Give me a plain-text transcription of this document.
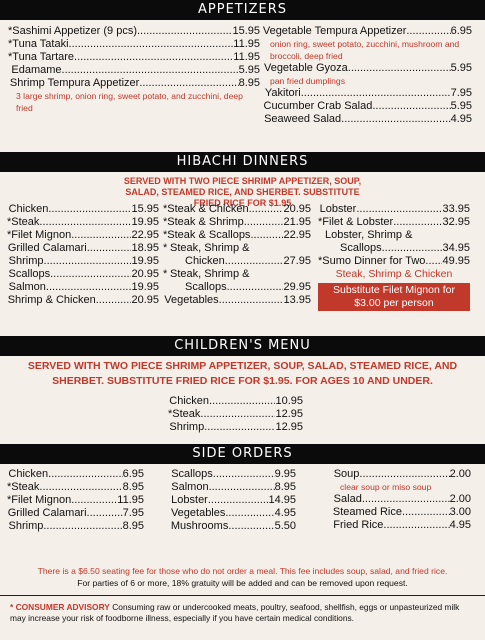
APPETIZERS
* Sashimi Appetizer (9 pcs) .....	15.95
* Tuna Tataki .....	11.95
* Tuna Tartare .....	11.95
Edamame .....	5.95
Shrimp Tempura Appetizer .....	8.95
3 large shrimp, onion ring, sweet potato, and zucchini, deep fried
Vegetable Tempura Appetizer .....	6.95
onion ring, sweet potato, zucchini, mushroom and broccoli, deep fried
Vegetable Gyoza .....	5.95
pan fried dumplings
Yakitori .....	7.95
Cucumber Crab Salad .....	5.95
Seaweed Salad .....	4.95
HIBACHI DINNERS
SERVED WITH TWO PIECE SHRIMP APPETIZER, SOUP, SALAD, STEAMED RICE, AND SHERBET. SUBSTITUTE FRIED RICE FOR $1.95
Chicken .....	15.95
* Steak .....	19.95
* Filet Mignon .....	22.95
Grilled Calamari .....	18.95
Shrimp .....	19.95
Scallops .....	20.95
Salmon .....	19.95
Shrimp & Chicken .....	20.95
* Steak & Chicken .....	20.95
* Steak & Shrimp .....	21.95
* Steak & Scallops .....	22.95
* Steak, Shrimp &
Chicken .....	27.95
* Steak, Shrimp &
Scallops .....	29.95
Vegetables .....	13.95
Lobster .....	33.95
* Filet & Lobster .....	32.95
Lobster, Shrimp &
Scallops .....	34.95
* Sumo Dinner for Two ..... 49.95
Steak, Shrimp & Chicken
Substitute Filet Mignon for $3.00 per person
CHILDREN'S MENU
SERVED WITH TWO PIECE SHRIMP APPETIZER, SOUP, SALAD, STEAMED RICE, AND SHERBET. SUBSTITUTE FRIED RICE FOR $1.95. FOR AGES 10 AND UNDER.
Chicken .....	10.95
* Steak .....	12.95
Shrimp .....	12.95
SIDE ORDERS
Chicken .....	6.95
* Steak .....	8.95
* Filet Mignon .....	11.95
Grilled Calamari .....	7.95
Shrimp .....	8.95
Scallops .....	9.95
Salmon .....	8.95
Lobster .....	14.95
Vegetables .....	4.95
Mushrooms .....	5.50
Soup .....	2.00
clear soup or miso soup
Salad .....	2.00
Steamed Rice .....	3.00
Fried Rice .....	4.95
There is a $6.50 seating fee for those who do not order a meal. This fee includes soup, salad, and fried rice.
For parties of 6 or more, 18% gratuity will be added and can be removed upon request.
* CONSUMER ADVISORY Consuming raw or undercooked meats, poultry, seafood, shellfish, eggs or unpasteurized milk may increase your risk of foodborne illness, especially if you have certain medical conditions.
